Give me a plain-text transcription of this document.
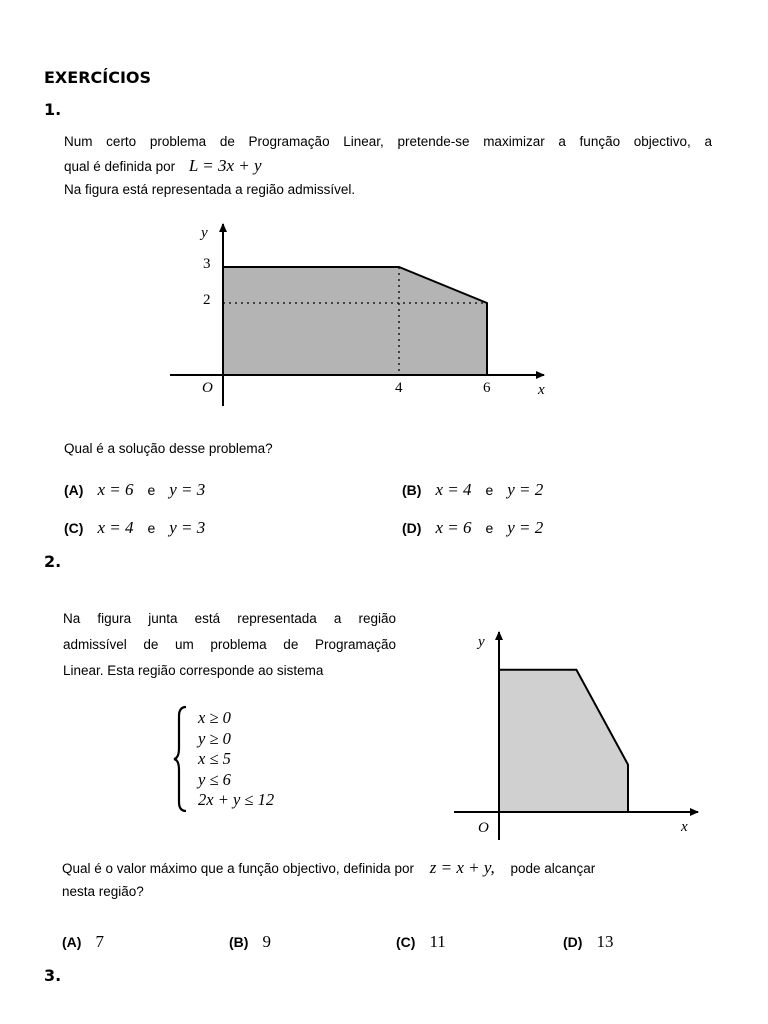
EXERCÍCIOS
1.
Num certo problema de Programação Linear, pretende-se maximizar a função objectivo, a
qual é definida por L = 3x + y
Na figura está representada a região admissível.
y
x
O	4	6
3
2
Qual é a solução desse problema?
(A) x = 6 e y = 3	(B) x = 4 e y = 2
(C) x = 4 e y = 3	(D) x = 6 e y = 2
2.
Na figura junta está representada a região
admissível de um problema de Programação
Linear. Esta região corresponde ao sistema
x ≥ 0
y ≥ 0
x ≤ 5
y ≤ 6
2x + y ≤ 12
y
x
O
Qual é o valor máximo que a função objectivo, definida por z = x + y, pode alcançar
nesta região?
(A) 7	(B) 9	(C) 11	(D) 13
3.
